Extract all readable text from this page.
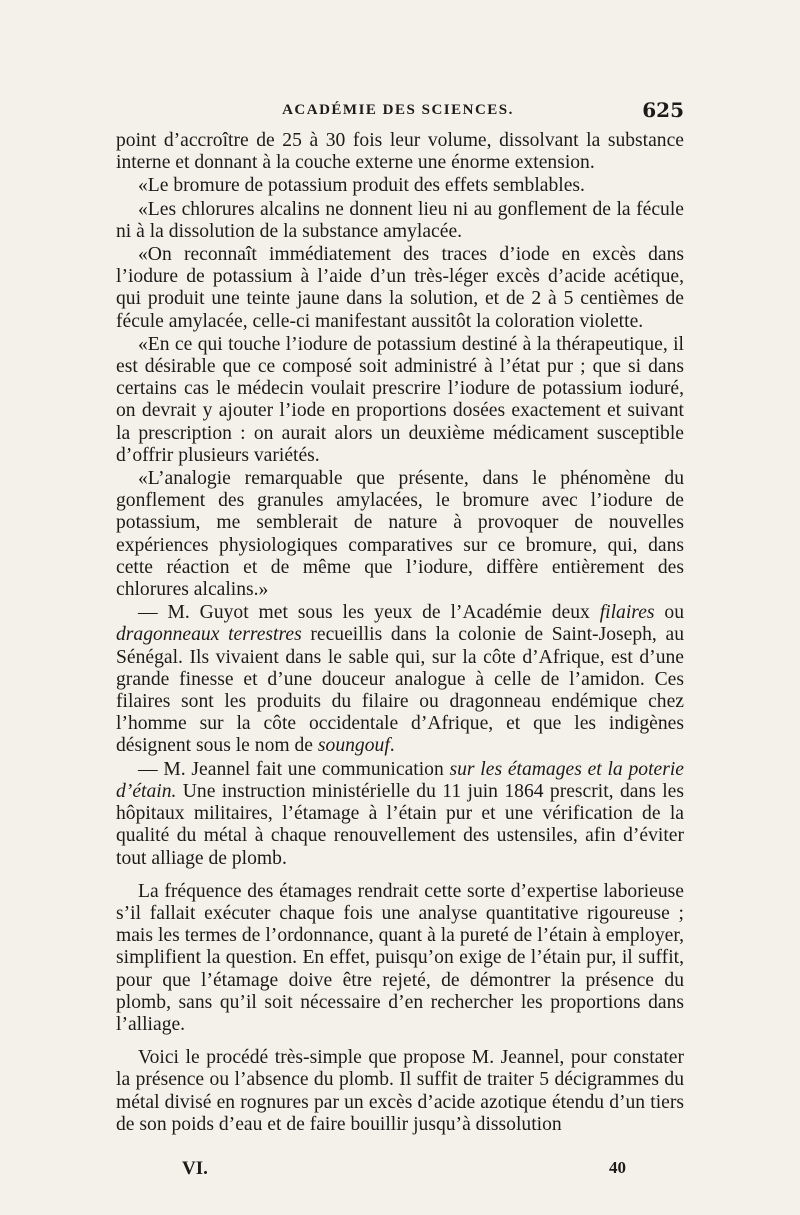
ACADÉMIE DES SCIENCES.	625

point d’accroître de 25 à 30 fois leur volume, dissolvant la substance interne et donnant à la couche externe une énorme extension.

«Le bromure de potassium produit des effets semblables.

«Les chlorures alcalins ne donnent lieu ni au gonflement de la fécule ni à la dissolution de la substance amylacée.

«On reconnaît immédiatement des traces d’iode en excès dans l’iodure de potassium à l’aide d’un très-léger excès d’acide acétique, qui produit une teinte jaune dans la solution, et de 2 à 5 centièmes de fécule amylacée, celle-ci manifestant aussitôt la coloration violette.

«En ce qui touche l’iodure de potassium destiné à la thérapeutique, il est désirable que ce composé soit administré à l’état pur ; que si dans certains cas le médecin voulait prescrire l’iodure de potassium ioduré, on devrait y ajouter l’iode en proportions dosées exactement et suivant la prescription : on aurait alors un deuxième médicament susceptible d’offrir plusieurs variétés.

«L’analogie remarquable que présente, dans le phénomène du gonflement des granules amylacées, le bromure avec l’iodure de potassium, me semblerait de nature à provoquer de nouvelles expériences physiologiques comparatives sur ce bromure, qui, dans cette réaction et de même que l’iodure, diffère entièrement des chlorures alcalins.»

— M. Guyot met sous les yeux de l’Académie deux filaires ou dragonneaux terrestres recueillis dans la colonie de Saint-Joseph, au Sénégal. Ils vivaient dans le sable qui, sur la côte d’Afrique, est d’une grande finesse et d’une douceur analogue à celle de l’amidon. Ces filaires sont les produits du filaire ou dragonneau endémique chez l’homme sur la côte occidentale d’Afrique, et que les indigènes désignent sous le nom de soungouf.

— M. Jeannel fait une communication sur les étamages et la poterie d’étain. Une instruction ministérielle du 11 juin 1864 prescrit, dans les hôpitaux militaires, l’étamage à l’étain pur et une vérification de la qualité du métal à chaque renouvellement des ustensiles, afin d’éviter tout alliage de plomb.

La fréquence des étamages rendrait cette sorte d’expertise laborieuse s’il fallait exécuter chaque fois une analyse quantitative rigoureuse ; mais les termes de l’ordonnance, quant à la pureté de l’étain à employer, simplifient la question. En effet, puisqu’on exige de l’étain pur, il suffit, pour que l’étamage doive être rejeté, de démontrer la présence du plomb, sans qu’il soit nécessaire d’en rechercher les proportions dans l’alliage.

Voici le procédé très-simple que propose M. Jeannel, pour constater la présence ou l’absence du plomb. Il suffit de traiter 5 décigrammes du métal divisé en rognures par un excès d’acide azotique étendu d’un tiers de son poids d’eau et de faire bouillir jusqu’à dissolution

VI.	40
